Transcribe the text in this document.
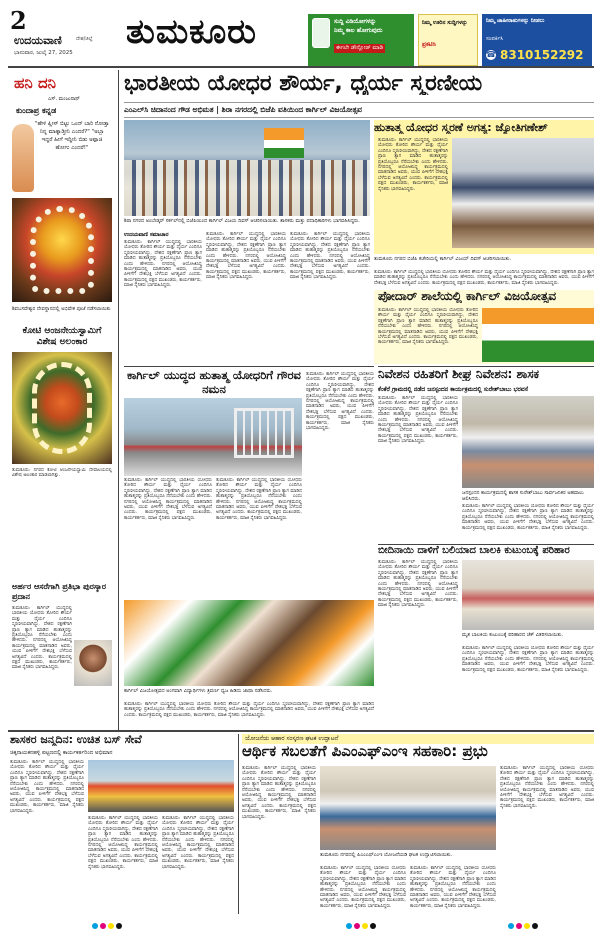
2
ಉದಯವಾಣಿ	ದೇಶ/ಜಿಲ್ಲೆ
ಭಾನುವಾರ, ಜುಲೈ 27, 2025
ತುಮಕೂರು	ಸುದ್ದಿ ವಿಡಿಯೋಗಳನ್ನು
ನಿಮ್ಮ ಕಾಲ ಹೋಗುವುದು
ಈಗಲೇ ಡೌನ್ಲೋಡ್ ಮಾಡಿ
ನಿಮ್ಮ ಊರಿನ ಸುದ್ದಿಗಳನ್ನು
ಪ್ರಕಟಿಸಿ
ನಿಮ್ಮ ಜಾಹೀರಾತುಗಳನ್ನು ನೀಡಲು
ಸಂಪರ್ಕಿಸಿ
☎ 8310152292
ಹನಿ ದನಿ
ಎಸ್. ಮಂಜುನಾಥ್
ಕುಂದಾಪ್ರ ಕನ್ನಡ
"ಹೇಳಿ ಪ್ಲೀಸ್ ಬಿಟ್ಟು ಒಂದ್ ಬಾರಿ ನೋಡ್ತಾ ನಿನ್ನ ಮಾತ್ನಾಡ್ತೀನಿ ಎಂದರೆ?" "ಅಬ್ಬಾ ಇದ್ದರೆ ಹೀಗೆ ಇದ್ದೀನಿ ಬಿಡು ಅಪ್ಪಾಜಿ ಹೋಗು ಎಂದರೆ!"
ಶಿವಬಸವೇಶ್ವರ ದೇವಸ್ಥಾನದಲ್ಲಿ ಅಭಿಷೇಕ ಪೂಜೆ ನಡೆಸಲಾಯಿತು
ಕೋಟಿ ಆಂಜನೇಯಸ್ವಾಮಿಗೆ ವಿಶೇಷ ಅಲಂಕಾರ
ತುಮಕೂರು: ನಗರದ ಕೋಟಿ ಆಂಜನೇಯಸ್ವಾಮಿ ದೇವಾಲಯದಲ್ಲಿ ವಿಶೇಷ ಅಲಂಕಾರ ಮಾಡಲಾಗಿತ್ತು.
ಅರ್ಹರ ಆಸರೆಗಾಗಿ ಪ್ರತಿಭಾ ಪುರಸ್ಕಾರ ಪ್ರದಾನ
ತುಮಕೂರು: ಕಾರ್ಗಿಲ್ ಯುದ್ಧದಲ್ಲಿ ಭಾರತೀಯ ಯೋಧರು ತೋರಿದ ಶೌರ್ಯ ಮತ್ತು ಧೈರ್ಯ ಎಂದಿಗೂ ಸ್ಮರಣೀಯವಾಗಿದ್ದು, ದೇಶದ ರಕ್ಷಣೆಗಾಗಿ ಪ್ರಾಣ ತ್ಯಾಗ ಮಾಡಿದ ಹುತಾತ್ಮರನ್ನು ಪ್ರತಿಯೊಬ್ಬರೂ ನೆನೆಯಬೇಕು ಎಂದು ಹೇಳಿದರು. ನಗರದಲ್ಲಿ ಆಯೋಜಿಸಿದ್ದ ಕಾರ್ಯಕ್ರಮದಲ್ಲಿ ಮಾತನಾಡಿದ ಅವರು, ಯುವ ಪೀಳಿಗೆಗೆ ದೇಶಭಕ್ತಿ ಬೆಳೆಸುವ ಅಗತ್ಯವಿದೆ ಎಂದರು. ಕಾರ್ಯಕ್ರಮದಲ್ಲಿ ಪಕ್ಷದ ಮುಖಂಡರು, ಕಾರ್ಯಕರ್ತರು, ಮಾಜಿ ಸೈನಿಕರು ಭಾಗವಹಿಸಿದ್ದರು.
ಭಾರತೀಯ ಯೋಧರ ಶೌರ್ಯ, ಧೈರ್ಯ ಸ್ಮರಣೀಯ
ಎಂಎಲ್‌ಸಿ ಚಿದಾನಂದ ಗೌಡ ಅಭಿಮತ | ಶಿರಾ ನಗರದಲ್ಲಿ ಬಿಜೆಪಿ ವತಿಯಿಂದ ಕಾರ್ಗಿಲ್ ವಿಜಯೋತ್ಸವ
ಶಿರಾ ನಗರದ ಅಂಬೇಡ್ಕರ್ ಸರ್ಕಲ್‌ನಲ್ಲಿ ಬಿಜೆಪಿಯಿಂದ ಕಾರ್ಗಿಲ್ ವಿಜಯ ದಿವಸ್ ಆಚರಿಸಲಾಯಿತು. ಶಾಸಕರು ಮತ್ತು ಪದಾಧಿಕಾರಿಗಳು ಭಾಗವಹಿಸಿದ್ದರು.
ಉದಯವಾಣಿ ಸಮಾಚಾರ
ತುಮಕೂರು: ಕಾರ್ಗಿಲ್ ಯುದ್ಧದಲ್ಲಿ ಭಾರತೀಯ ಯೋಧರು ತೋರಿದ ಶೌರ್ಯ ಮತ್ತು ಧೈರ್ಯ ಎಂದಿಗೂ ಸ್ಮರಣೀಯವಾಗಿದ್ದು, ದೇಶದ ರಕ್ಷಣೆಗಾಗಿ ಪ್ರಾಣ ತ್ಯಾಗ ಮಾಡಿದ ಹುತಾತ್ಮರನ್ನು ಪ್ರತಿಯೊಬ್ಬರೂ ನೆನೆಯಬೇಕು ಎಂದು ಹೇಳಿದರು. ನಗರದಲ್ಲಿ ಆಯೋಜಿಸಿದ್ದ ಕಾರ್ಯಕ್ರಮದಲ್ಲಿ ಮಾತನಾಡಿದ ಅವರು, ಯುವ ಪೀಳಿಗೆಗೆ ದೇಶಭಕ್ತಿ ಬೆಳೆಸುವ ಅಗತ್ಯವಿದೆ ಎಂದರು. ಕಾರ್ಯಕ್ರಮದಲ್ಲಿ ಪಕ್ಷದ ಮುಖಂಡರು, ಕಾರ್ಯಕರ್ತರು, ಮಾಜಿ ಸೈನಿಕರು ಭಾಗವಹಿಸಿದ್ದರು.
ತುಮಕೂರು: ಕಾರ್ಗಿಲ್ ಯುದ್ಧದಲ್ಲಿ ಭಾರತೀಯ ಯೋಧರು ತೋರಿದ ಶೌರ್ಯ ಮತ್ತು ಧೈರ್ಯ ಎಂದಿಗೂ ಸ್ಮರಣೀಯವಾಗಿದ್ದು, ದೇಶದ ರಕ್ಷಣೆಗಾಗಿ ಪ್ರಾಣ ತ್ಯಾಗ ಮಾಡಿದ ಹುತಾತ್ಮರನ್ನು ಪ್ರತಿಯೊಬ್ಬರೂ ನೆನೆಯಬೇಕು ಎಂದು ಹೇಳಿದರು. ನಗರದಲ್ಲಿ ಆಯೋಜಿಸಿದ್ದ ಕಾರ್ಯಕ್ರಮದಲ್ಲಿ ಮಾತನಾಡಿದ ಅವರು, ಯುವ ಪೀಳಿಗೆಗೆ ದೇಶಭಕ್ತಿ ಬೆಳೆಸುವ ಅಗತ್ಯವಿದೆ ಎಂದರು. ಕಾರ್ಯಕ್ರಮದಲ್ಲಿ ಪಕ್ಷದ ಮುಖಂಡರು, ಕಾರ್ಯಕರ್ತರು, ಮಾಜಿ ಸೈನಿಕರು ಭಾಗವಹಿಸಿದ್ದರು.
ತುಮಕೂರು: ಕಾರ್ಗಿಲ್ ಯುದ್ಧದಲ್ಲಿ ಭಾರತೀಯ ಯೋಧರು ತೋರಿದ ಶೌರ್ಯ ಮತ್ತು ಧೈರ್ಯ ಎಂದಿಗೂ ಸ್ಮರಣೀಯವಾಗಿದ್ದು, ದೇಶದ ರಕ್ಷಣೆಗಾಗಿ ಪ್ರಾಣ ತ್ಯಾಗ ಮಾಡಿದ ಹುತಾತ್ಮರನ್ನು ಪ್ರತಿಯೊಬ್ಬರೂ ನೆನೆಯಬೇಕು ಎಂದು ಹೇಳಿದರು. ನಗರದಲ್ಲಿ ಆಯೋಜಿಸಿದ್ದ ಕಾರ್ಯಕ್ರಮದಲ್ಲಿ ಮಾತನಾಡಿದ ಅವರು, ಯುವ ಪೀಳಿಗೆಗೆ ದೇಶಭಕ್ತಿ ಬೆಳೆಸುವ ಅಗತ್ಯವಿದೆ ಎಂದರು. ಕಾರ್ಯಕ್ರಮದಲ್ಲಿ ಪಕ್ಷದ ಮುಖಂಡರು, ಕಾರ್ಯಕರ್ತರು, ಮಾಜಿ ಸೈನಿಕರು ಭಾಗವಹಿಸಿದ್ದರು.
ಹುತಾತ್ಮ ಯೋಧರ ಸ್ಮರಣೆ ಅಗತ್ಯ: ಜ್ಯೋತಿಗಣೇಶ್
ತುಮಕೂರು: ಕಾರ್ಗಿಲ್ ಯುದ್ಧದಲ್ಲಿ ಭಾರತೀಯ ಯೋಧರು ತೋರಿದ ಶೌರ್ಯ ಮತ್ತು ಧೈರ್ಯ ಎಂದಿಗೂ ಸ್ಮರಣೀಯವಾಗಿದ್ದು, ದೇಶದ ರಕ್ಷಣೆಗಾಗಿ ಪ್ರಾಣ ತ್ಯಾಗ ಮಾಡಿದ ಹುತಾತ್ಮರನ್ನು ಪ್ರತಿಯೊಬ್ಬರೂ ನೆನೆಯಬೇಕು ಎಂದು ಹೇಳಿದರು. ನಗರದಲ್ಲಿ ಆಯೋಜಿಸಿದ್ದ ಕಾರ್ಯಕ್ರಮದಲ್ಲಿ ಮಾತನಾಡಿದ ಅವರು, ಯುವ ಪೀಳಿಗೆಗೆ ದೇಶಭಕ್ತಿ ಬೆಳೆಸುವ ಅಗತ್ಯವಿದೆ ಎಂದರು. ಕಾರ್ಯಕ್ರಮದಲ್ಲಿ ಪಕ್ಷದ ಮುಖಂಡರು, ಕಾರ್ಯಕರ್ತರು, ಮಾಜಿ ಸೈನಿಕರು ಭಾಗವಹಿಸಿದ್ದರು.
ತುಮಕೂರು ನಗರದ ಬಿಜೆಪಿ ಕಚೇರಿಯಲ್ಲಿ ಕಾರ್ಗಿಲ್ ವಿಜಯ್ ದಿವಸ್ ಆಚರಿಸಲಾಯಿತು.
ತುಮಕೂರು: ಕಾರ್ಗಿಲ್ ಯುದ್ಧದಲ್ಲಿ ಭಾರತೀಯ ಯೋಧರು ತೋರಿದ ಶೌರ್ಯ ಮತ್ತು ಧೈರ್ಯ ಎಂದಿಗೂ ಸ್ಮರಣೀಯವಾಗಿದ್ದು, ದೇಶದ ರಕ್ಷಣೆಗಾಗಿ ಪ್ರಾಣ ತ್ಯಾಗ ಮಾಡಿದ ಹುತಾತ್ಮರನ್ನು ಪ್ರತಿಯೊಬ್ಬರೂ ನೆನೆಯಬೇಕು ಎಂದು ಹೇಳಿದರು. ನಗರದಲ್ಲಿ ಆಯೋಜಿಸಿದ್ದ ಕಾರ್ಯಕ್ರಮದಲ್ಲಿ ಮಾತನಾಡಿದ ಅವರು, ಯುವ ಪೀಳಿಗೆಗೆ ದೇಶಭಕ್ತಿ ಬೆಳೆಸುವ ಅಗತ್ಯವಿದೆ ಎಂದರು. ಕಾರ್ಯಕ್ರಮದಲ್ಲಿ ಪಕ್ಷದ ಮುಖಂಡರು, ಕಾರ್ಯಕರ್ತರು, ಮಾಜಿ ಸೈನಿಕರು ಭಾಗವಹಿಸಿದ್ದರು.
ಪೋದಾರ್ ಶಾಲೆಯಲ್ಲಿ ಕಾರ್ಗಿಲ್ ವಿಜಯೋತ್ಸವ
ತುಮಕೂರು: ಕಾರ್ಗಿಲ್ ಯುದ್ಧದಲ್ಲಿ ಭಾರತೀಯ ಯೋಧರು ತೋರಿದ ಶೌರ್ಯ ಮತ್ತು ಧೈರ್ಯ ಎಂದಿಗೂ ಸ್ಮರಣೀಯವಾಗಿದ್ದು, ದೇಶದ ರಕ್ಷಣೆಗಾಗಿ ಪ್ರಾಣ ತ್ಯಾಗ ಮಾಡಿದ ಹುತಾತ್ಮರನ್ನು ಪ್ರತಿಯೊಬ್ಬರೂ ನೆನೆಯಬೇಕು ಎಂದು ಹೇಳಿದರು. ನಗರದಲ್ಲಿ ಆಯೋಜಿಸಿದ್ದ ಕಾರ್ಯಕ್ರಮದಲ್ಲಿ ಮಾತನಾಡಿದ ಅವರು, ಯುವ ಪೀಳಿಗೆಗೆ ದೇಶಭಕ್ತಿ ಬೆಳೆಸುವ ಅಗತ್ಯವಿದೆ ಎಂದರು. ಕಾರ್ಯಕ್ರಮದಲ್ಲಿ ಪಕ್ಷದ ಮುಖಂಡರು, ಕಾರ್ಯಕರ್ತರು, ಮಾಜಿ ಸೈನಿಕರು ಭಾಗವಹಿಸಿದ್ದರು.
ಕಾರ್ಗಿಲ್ ಯುದ್ಧದ ಹುತಾತ್ಮ ಯೋಧರಿಗೆ ಗೌರವ ನಮನ
ತುಮಕೂರು: ಕಾರ್ಗಿಲ್ ಯುದ್ಧದಲ್ಲಿ ಭಾರತೀಯ ಯೋಧರು ತೋರಿದ ಶೌರ್ಯ ಮತ್ತು ಧೈರ್ಯ ಎಂದಿಗೂ ಸ್ಮರಣೀಯವಾಗಿದ್ದು, ದೇಶದ ರಕ್ಷಣೆಗಾಗಿ ಪ್ರಾಣ ತ್ಯಾಗ ಮಾಡಿದ ಹುತಾತ್ಮರನ್ನು ಪ್ರತಿಯೊಬ್ಬರೂ ನೆನೆಯಬೇಕು ಎಂದು ಹೇಳಿದರು. ನಗರದಲ್ಲಿ ಆಯೋಜಿಸಿದ್ದ ಕಾರ್ಯಕ್ರಮದಲ್ಲಿ ಮಾತನಾಡಿದ ಅವರು, ಯುವ ಪೀಳಿಗೆಗೆ ದೇಶಭಕ್ತಿ ಬೆಳೆಸುವ ಅಗತ್ಯವಿದೆ ಎಂದರು. ಕಾರ್ಯಕ್ರಮದಲ್ಲಿ ಪಕ್ಷದ ಮುಖಂಡರು, ಕಾರ್ಯಕರ್ತರು, ಮಾಜಿ ಸೈನಿಕರು ಭಾಗವಹಿಸಿದ್ದರು.
ತುಮಕೂರು: ಕಾರ್ಗಿಲ್ ಯುದ್ಧದಲ್ಲಿ ಭಾರತೀಯ ಯೋಧರು ತೋರಿದ ಶೌರ್ಯ ಮತ್ತು ಧೈರ್ಯ ಎಂದಿಗೂ ಸ್ಮರಣೀಯವಾಗಿದ್ದು, ದೇಶದ ರಕ್ಷಣೆಗಾಗಿ ಪ್ರಾಣ ತ್ಯಾಗ ಮಾಡಿದ ಹುತಾತ್ಮರನ್ನು ಪ್ರತಿಯೊಬ್ಬರೂ ನೆನೆಯಬೇಕು ಎಂದು ಹೇಳಿದರು. ನಗರದಲ್ಲಿ ಆಯೋಜಿಸಿದ್ದ ಕಾರ್ಯಕ್ರಮದಲ್ಲಿ ಮಾತನಾಡಿದ ಅವರು, ಯುವ ಪೀಳಿಗೆಗೆ ದೇಶಭಕ್ತಿ ಬೆಳೆಸುವ ಅಗತ್ಯವಿದೆ ಎಂದರು. ಕಾರ್ಯಕ್ರಮದಲ್ಲಿ ಪಕ್ಷದ ಮುಖಂಡರು, ಕಾರ್ಯಕರ್ತರು, ಮಾಜಿ ಸೈನಿಕರು ಭಾಗವಹಿಸಿದ್ದರು.
ತುಮಕೂರು: ಕಾರ್ಗಿಲ್ ಯುದ್ಧದಲ್ಲಿ ಭಾರತೀಯ ಯೋಧರು ತೋರಿದ ಶೌರ್ಯ ಮತ್ತು ಧೈರ್ಯ ಎಂದಿಗೂ ಸ್ಮರಣೀಯವಾಗಿದ್ದು, ದೇಶದ ರಕ್ಷಣೆಗಾಗಿ ಪ್ರಾಣ ತ್ಯಾಗ ಮಾಡಿದ ಹುತಾತ್ಮರನ್ನು ಪ್ರತಿಯೊಬ್ಬರೂ ನೆನೆಯಬೇಕು ಎಂದು ಹೇಳಿದರು. ನಗರದಲ್ಲಿ ಆಯೋಜಿಸಿದ್ದ ಕಾರ್ಯಕ್ರಮದಲ್ಲಿ ಮಾತನಾಡಿದ ಅವರು, ಯುವ ಪೀಳಿಗೆಗೆ ದೇಶಭಕ್ತಿ ಬೆಳೆಸುವ ಅಗತ್ಯವಿದೆ ಎಂದರು. ಕಾರ್ಯಕ್ರಮದಲ್ಲಿ ಪಕ್ಷದ ಮುಖಂಡರು, ಕಾರ್ಯಕರ್ತರು, ಮಾಜಿ ಸೈನಿಕರು ಭಾಗವಹಿಸಿದ್ದರು.
ನಿವೇಶನ ರಹಿತರಿಗೆ ಶೀಘ್ರ ನಿವೇಶನ: ಶಾಸಕ
ಕೆಂಕೆರೆ ಗ್ರಾಮದಲ್ಲಿ ನಡೆದ ಜನಸ್ಪಂದನ ಕಾರ್ಯಕ್ರಮದಲ್ಲಿ ಸುರೇಶ್‌ಬಾಬು ಭರವಸೆ
ತುಮಕೂರು: ಕಾರ್ಗಿಲ್ ಯುದ್ಧದಲ್ಲಿ ಭಾರತೀಯ ಯೋಧರು ತೋರಿದ ಶೌರ್ಯ ಮತ್ತು ಧೈರ್ಯ ಎಂದಿಗೂ ಸ್ಮರಣೀಯವಾಗಿದ್ದು, ದೇಶದ ರಕ್ಷಣೆಗಾಗಿ ಪ್ರಾಣ ತ್ಯಾಗ ಮಾಡಿದ ಹುತಾತ್ಮರನ್ನು ಪ್ರತಿಯೊಬ್ಬರೂ ನೆನೆಯಬೇಕು ಎಂದು ಹೇಳಿದರು. ನಗರದಲ್ಲಿ ಆಯೋಜಿಸಿದ್ದ ಕಾರ್ಯಕ್ರಮದಲ್ಲಿ ಮಾತನಾಡಿದ ಅವರು, ಯುವ ಪೀಳಿಗೆಗೆ ದೇಶಭಕ್ತಿ ಬೆಳೆಸುವ ಅಗತ್ಯವಿದೆ ಎಂದರು. ಕಾರ್ಯಕ್ರಮದಲ್ಲಿ ಪಕ್ಷದ ಮುಖಂಡರು, ಕಾರ್ಯಕರ್ತರು, ಮಾಜಿ ಸೈನಿಕರು ಭಾಗವಹಿಸಿದ್ದರು.
ಜನಸ್ಪಂದನ ಕಾರ್ಯಕ್ರಮದಲ್ಲಿ ಶಾಸಕ ಸುರೇಶ್‌ಬಾಬು ಸಾರ್ವಜನಿಕರ ಅಹವಾಲು ಆಲಿಸಿದರು.
ತುಮಕೂರು: ಕಾರ್ಗಿಲ್ ಯುದ್ಧದಲ್ಲಿ ಭಾರತೀಯ ಯೋಧರು ತೋರಿದ ಶೌರ್ಯ ಮತ್ತು ಧೈರ್ಯ ಎಂದಿಗೂ ಸ್ಮರಣೀಯವಾಗಿದ್ದು, ದೇಶದ ರಕ್ಷಣೆಗಾಗಿ ಪ್ರಾಣ ತ್ಯಾಗ ಮಾಡಿದ ಹುತಾತ್ಮರನ್ನು ಪ್ರತಿಯೊಬ್ಬರೂ ನೆನೆಯಬೇಕು ಎಂದು ಹೇಳಿದರು. ನಗರದಲ್ಲಿ ಆಯೋಜಿಸಿದ್ದ ಕಾರ್ಯಕ್ರಮದಲ್ಲಿ ಮಾತನಾಡಿದ ಅವರು, ಯುವ ಪೀಳಿಗೆಗೆ ದೇಶಭಕ್ತಿ ಬೆಳೆಸುವ ಅಗತ್ಯವಿದೆ ಎಂದರು. ಕಾರ್ಯಕ್ರಮದಲ್ಲಿ ಪಕ್ಷದ ಮುಖಂಡರು, ಕಾರ್ಯಕರ್ತರು, ಮಾಜಿ ಸೈನಿಕರು ಭಾಗವಹಿಸಿದ್ದರು.
ಬೀದಿನಾಯಿ ದಾಳಿಗೆ ಬಲಿಯಾದ ಬಾಲಕಿ ಕುಟುಂಬಕ್ಕೆ ಪರಿಹಾರ
ತುಮಕೂರು: ಕಾರ್ಗಿಲ್ ಯುದ್ಧದಲ್ಲಿ ಭಾರತೀಯ ಯೋಧರು ತೋರಿದ ಶೌರ್ಯ ಮತ್ತು ಧೈರ್ಯ ಎಂದಿಗೂ ಸ್ಮರಣೀಯವಾಗಿದ್ದು, ದೇಶದ ರಕ್ಷಣೆಗಾಗಿ ಪ್ರಾಣ ತ್ಯಾಗ ಮಾಡಿದ ಹುತಾತ್ಮರನ್ನು ಪ್ರತಿಯೊಬ್ಬರೂ ನೆನೆಯಬೇಕು ಎಂದು ಹೇಳಿದರು. ನಗರದಲ್ಲಿ ಆಯೋಜಿಸಿದ್ದ ಕಾರ್ಯಕ್ರಮದಲ್ಲಿ ಮಾತನಾಡಿದ ಅವರು, ಯುವ ಪೀಳಿಗೆಗೆ ದೇಶಭಕ್ತಿ ಬೆಳೆಸುವ ಅಗತ್ಯವಿದೆ ಎಂದರು. ಕಾರ್ಯಕ್ರಮದಲ್ಲಿ ಪಕ್ಷದ ಮುಖಂಡರು, ಕಾರ್ಯಕರ್ತರು, ಮಾಜಿ ಸೈನಿಕರು ಭಾಗವಹಿಸಿದ್ದರು.
ಮೃತ ಬಾಲಕಿಯ ಕುಟುಂಬಕ್ಕೆ ಪರಿಹಾರದ ಚೆಕ್ ವಿತರಿಸಲಾಯಿತು.
ತುಮಕೂರು: ಕಾರ್ಗಿಲ್ ಯುದ್ಧದಲ್ಲಿ ಭಾರತೀಯ ಯೋಧರು ತೋರಿದ ಶೌರ್ಯ ಮತ್ತು ಧೈರ್ಯ ಎಂದಿಗೂ ಸ್ಮರಣೀಯವಾಗಿದ್ದು, ದೇಶದ ರಕ್ಷಣೆಗಾಗಿ ಪ್ರಾಣ ತ್ಯಾಗ ಮಾಡಿದ ಹುತಾತ್ಮರನ್ನು ಪ್ರತಿಯೊಬ್ಬರೂ ನೆನೆಯಬೇಕು ಎಂದು ಹೇಳಿದರು. ನಗರದಲ್ಲಿ ಆಯೋಜಿಸಿದ್ದ ಕಾರ್ಯಕ್ರಮದಲ್ಲಿ ಮಾತನಾಡಿದ ಅವರು, ಯುವ ಪೀಳಿಗೆಗೆ ದೇಶಭಕ್ತಿ ಬೆಳೆಸುವ ಅಗತ್ಯವಿದೆ ಎಂದರು. ಕಾರ್ಯಕ್ರಮದಲ್ಲಿ ಪಕ್ಷದ ಮುಖಂಡರು, ಕಾರ್ಯಕರ್ತರು, ಮಾಜಿ ಸೈನಿಕರು ಭಾಗವಹಿಸಿದ್ದರು.
ಕಾರ್ಗಿಲ್ ವಿಜಯೋತ್ಸವದ ಅಂಗವಾಗಿ ವಿದ್ಯಾರ್ಥಿಗಳು ತ್ರಿವರ್ಣ ಧ್ವಜ ಹಿಡಿದು ಜಾಥಾ ನಡೆಸಿದರು.
ತುಮಕೂರು: ಕಾರ್ಗಿಲ್ ಯುದ್ಧದಲ್ಲಿ ಭಾರತೀಯ ಯೋಧರು ತೋರಿದ ಶೌರ್ಯ ಮತ್ತು ಧೈರ್ಯ ಎಂದಿಗೂ ಸ್ಮರಣೀಯವಾಗಿದ್ದು, ದೇಶದ ರಕ್ಷಣೆಗಾಗಿ ಪ್ರಾಣ ತ್ಯಾಗ ಮಾಡಿದ ಹುತಾತ್ಮರನ್ನು ಪ್ರತಿಯೊಬ್ಬರೂ ನೆನೆಯಬೇಕು ಎಂದು ಹೇಳಿದರು. ನಗರದಲ್ಲಿ ಆಯೋಜಿಸಿದ್ದ ಕಾರ್ಯಕ್ರಮದಲ್ಲಿ ಮಾತನಾಡಿದ ಅವರು, ಯುವ ಪೀಳಿಗೆಗೆ ದೇಶಭಕ್ತಿ ಬೆಳೆಸುವ ಅಗತ್ಯವಿದೆ ಎಂದರು. ಕಾರ್ಯಕ್ರಮದಲ್ಲಿ ಪಕ್ಷದ ಮುಖಂಡರು, ಕಾರ್ಯಕರ್ತರು, ಮಾಜಿ ಸೈನಿಕರು ಭಾಗವಹಿಸಿದ್ದರು.
ಶಾಸಕರ ಜನ್ಮದಿನ: ಉಚಿತ ಬಸ್ ಸೇವೆ
ಚಿಕ್ಕನಾಯಕನಹಳ್ಳಿ ಪಟ್ಟಣದಲ್ಲಿ ಕಾರ್ಯಕರ್ತರಿಂದ ಅಭಿಮಾನ
ತುಮಕೂರು: ಕಾರ್ಗಿಲ್ ಯುದ್ಧದಲ್ಲಿ ಭಾರತೀಯ ಯೋಧರು ತೋರಿದ ಶೌರ್ಯ ಮತ್ತು ಧೈರ್ಯ ಎಂದಿಗೂ ಸ್ಮರಣೀಯವಾಗಿದ್ದು, ದೇಶದ ರಕ್ಷಣೆಗಾಗಿ ಪ್ರಾಣ ತ್ಯಾಗ ಮಾಡಿದ ಹುತಾತ್ಮರನ್ನು ಪ್ರತಿಯೊಬ್ಬರೂ ನೆನೆಯಬೇಕು ಎಂದು ಹೇಳಿದರು. ನಗರದಲ್ಲಿ ಆಯೋಜಿಸಿದ್ದ ಕಾರ್ಯಕ್ರಮದಲ್ಲಿ ಮಾತನಾಡಿದ ಅವರು, ಯುವ ಪೀಳಿಗೆಗೆ ದೇಶಭಕ್ತಿ ಬೆಳೆಸುವ ಅಗತ್ಯವಿದೆ ಎಂದರು. ಕಾರ್ಯಕ್ರಮದಲ್ಲಿ ಪಕ್ಷದ ಮುಖಂಡರು, ಕಾರ್ಯಕರ್ತರು, ಮಾಜಿ ಸೈನಿಕರು ಭಾಗವಹಿಸಿದ್ದರು.
ತುಮಕೂರು: ಕಾರ್ಗಿಲ್ ಯುದ್ಧದಲ್ಲಿ ಭಾರತೀಯ ಯೋಧರು ತೋರಿದ ಶೌರ್ಯ ಮತ್ತು ಧೈರ್ಯ ಎಂದಿಗೂ ಸ್ಮರಣೀಯವಾಗಿದ್ದು, ದೇಶದ ರಕ್ಷಣೆಗಾಗಿ ಪ್ರಾಣ ತ್ಯಾಗ ಮಾಡಿದ ಹುತಾತ್ಮರನ್ನು ಪ್ರತಿಯೊಬ್ಬರೂ ನೆನೆಯಬೇಕು ಎಂದು ಹೇಳಿದರು. ನಗರದಲ್ಲಿ ಆಯೋಜಿಸಿದ್ದ ಕಾರ್ಯಕ್ರಮದಲ್ಲಿ ಮಾತನಾಡಿದ ಅವರು, ಯುವ ಪೀಳಿಗೆಗೆ ದೇಶಭಕ್ತಿ ಬೆಳೆಸುವ ಅಗತ್ಯವಿದೆ ಎಂದರು. ಕಾರ್ಯಕ್ರಮದಲ್ಲಿ ಪಕ್ಷದ ಮುಖಂಡರು, ಕಾರ್ಯಕರ್ತರು, ಮಾಜಿ ಸೈನಿಕರು ಭಾಗವಹಿಸಿದ್ದರು.
ತುಮಕೂರು: ಕಾರ್ಗಿಲ್ ಯುದ್ಧದಲ್ಲಿ ಭಾರತೀಯ ಯೋಧರು ತೋರಿದ ಶೌರ್ಯ ಮತ್ತು ಧೈರ್ಯ ಎಂದಿಗೂ ಸ್ಮರಣೀಯವಾಗಿದ್ದು, ದೇಶದ ರಕ್ಷಣೆಗಾಗಿ ಪ್ರಾಣ ತ್ಯಾಗ ಮಾಡಿದ ಹುತಾತ್ಮರನ್ನು ಪ್ರತಿಯೊಬ್ಬರೂ ನೆನೆಯಬೇಕು ಎಂದು ಹೇಳಿದರು. ನಗರದಲ್ಲಿ ಆಯೋಜಿಸಿದ್ದ ಕಾರ್ಯಕ್ರಮದಲ್ಲಿ ಮಾತನಾಡಿದ ಅವರು, ಯುವ ಪೀಳಿಗೆಗೆ ದೇಶಭಕ್ತಿ ಬೆಳೆಸುವ ಅಗತ್ಯವಿದೆ ಎಂದರು. ಕಾರ್ಯಕ್ರಮದಲ್ಲಿ ಪಕ್ಷದ ಮುಖಂಡರು, ಕಾರ್ಯಕರ್ತರು, ಮಾಜಿ ಸೈನಿಕರು ಭಾಗವಹಿಸಿದ್ದರು.
ಯೋಜನೆಯ ಆಹಾರ ಸಂಸ್ಕರಣ ಘಟಕ ಉದ್ಘಾಟನೆ
ಆರ್ಥಿಕ ಸಬಲತೆಗೆ ಪಿಎಂಎಫ್‌ಎಂಇ ಸಹಕಾರಿ: ಪ್ರಭು
ತುಮಕೂರು: ಕಾರ್ಗಿಲ್ ಯುದ್ಧದಲ್ಲಿ ಭಾರತೀಯ ಯೋಧರು ತೋರಿದ ಶೌರ್ಯ ಮತ್ತು ಧೈರ್ಯ ಎಂದಿಗೂ ಸ್ಮರಣೀಯವಾಗಿದ್ದು, ದೇಶದ ರಕ್ಷಣೆಗಾಗಿ ಪ್ರಾಣ ತ್ಯಾಗ ಮಾಡಿದ ಹುತಾತ್ಮರನ್ನು ಪ್ರತಿಯೊಬ್ಬರೂ ನೆನೆಯಬೇಕು ಎಂದು ಹೇಳಿದರು. ನಗರದಲ್ಲಿ ಆಯೋಜಿಸಿದ್ದ ಕಾರ್ಯಕ್ರಮದಲ್ಲಿ ಮಾತನಾಡಿದ ಅವರು, ಯುವ ಪೀಳಿಗೆಗೆ ದೇಶಭಕ್ತಿ ಬೆಳೆಸುವ ಅಗತ್ಯವಿದೆ ಎಂದರು. ಕಾರ್ಯಕ್ರಮದಲ್ಲಿ ಪಕ್ಷದ ಮುಖಂಡರು, ಕಾರ್ಯಕರ್ತರು, ಮಾಜಿ ಸೈನಿಕರು ಭಾಗವಹಿಸಿದ್ದರು.
ತುಮಕೂರು ನಗರದಲ್ಲಿ ಪಿಎಂಎಫ್‌ಎಂಇ ಯೋಜನೆಯಡಿ ಘಟಕ ಉದ್ಘಾಟಿಸಲಾಯಿತು.
ತುಮಕೂರು: ಕಾರ್ಗಿಲ್ ಯುದ್ಧದಲ್ಲಿ ಭಾರತೀಯ ಯೋಧರು ತೋರಿದ ಶೌರ್ಯ ಮತ್ತು ಧೈರ್ಯ ಎಂದಿಗೂ ಸ್ಮರಣೀಯವಾಗಿದ್ದು, ದೇಶದ ರಕ್ಷಣೆಗಾಗಿ ಪ್ರಾಣ ತ್ಯಾಗ ಮಾಡಿದ ಹುತಾತ್ಮರನ್ನು ಪ್ರತಿಯೊಬ್ಬರೂ ನೆನೆಯಬೇಕು ಎಂದು ಹೇಳಿದರು. ನಗರದಲ್ಲಿ ಆಯೋಜಿಸಿದ್ದ ಕಾರ್ಯಕ್ರಮದಲ್ಲಿ ಮಾತನಾಡಿದ ಅವರು, ಯುವ ಪೀಳಿಗೆಗೆ ದೇಶಭಕ್ತಿ ಬೆಳೆಸುವ ಅಗತ್ಯವಿದೆ ಎಂದರು. ಕಾರ್ಯಕ್ರಮದಲ್ಲಿ ಪಕ್ಷದ ಮುಖಂಡರು, ಕಾರ್ಯಕರ್ತರು, ಮಾಜಿ ಸೈನಿಕರು ಭಾಗವಹಿಸಿದ್ದರು.
ತುಮಕೂರು: ಕಾರ್ಗಿಲ್ ಯುದ್ಧದಲ್ಲಿ ಭಾರತೀಯ ಯೋಧರು ತೋರಿದ ಶೌರ್ಯ ಮತ್ತು ಧೈರ್ಯ ಎಂದಿಗೂ ಸ್ಮರಣೀಯವಾಗಿದ್ದು, ದೇಶದ ರಕ್ಷಣೆಗಾಗಿ ಪ್ರಾಣ ತ್ಯಾಗ ಮಾಡಿದ ಹುತಾತ್ಮರನ್ನು ಪ್ರತಿಯೊಬ್ಬರೂ ನೆನೆಯಬೇಕು ಎಂದು ಹೇಳಿದರು. ನಗರದಲ್ಲಿ ಆಯೋಜಿಸಿದ್ದ ಕಾರ್ಯಕ್ರಮದಲ್ಲಿ ಮಾತನಾಡಿದ ಅವರು, ಯುವ ಪೀಳಿಗೆಗೆ ದೇಶಭಕ್ತಿ ಬೆಳೆಸುವ ಅಗತ್ಯವಿದೆ ಎಂದರು. ಕಾರ್ಯಕ್ರಮದಲ್ಲಿ ಪಕ್ಷದ ಮುಖಂಡರು, ಕಾರ್ಯಕರ್ತರು, ಮಾಜಿ ಸೈನಿಕರು ಭಾಗವಹಿಸಿದ್ದರು.
ತುಮಕೂರು: ಕಾರ್ಗಿಲ್ ಯುದ್ಧದಲ್ಲಿ ಭಾರತೀಯ ಯೋಧರು ತೋರಿದ ಶೌರ್ಯ ಮತ್ತು ಧೈರ್ಯ ಎಂದಿಗೂ ಸ್ಮರಣೀಯವಾಗಿದ್ದು, ದೇಶದ ರಕ್ಷಣೆಗಾಗಿ ಪ್ರಾಣ ತ್ಯಾಗ ಮಾಡಿದ ಹುತಾತ್ಮರನ್ನು ಪ್ರತಿಯೊಬ್ಬರೂ ನೆನೆಯಬೇಕು ಎಂದು ಹೇಳಿದರು. ನಗರದಲ್ಲಿ ಆಯೋಜಿಸಿದ್ದ ಕಾರ್ಯಕ್ರಮದಲ್ಲಿ ಮಾತನಾಡಿದ ಅವರು, ಯುವ ಪೀಳಿಗೆಗೆ ದೇಶಭಕ್ತಿ ಬೆಳೆಸುವ ಅಗತ್ಯವಿದೆ ಎಂದರು. ಕಾರ್ಯಕ್ರಮದಲ್ಲಿ ಪಕ್ಷದ ಮುಖಂಡರು, ಕಾರ್ಯಕರ್ತರು, ಮಾಜಿ ಸೈನಿಕರು ಭಾಗವಹಿಸಿದ್ದರು.
